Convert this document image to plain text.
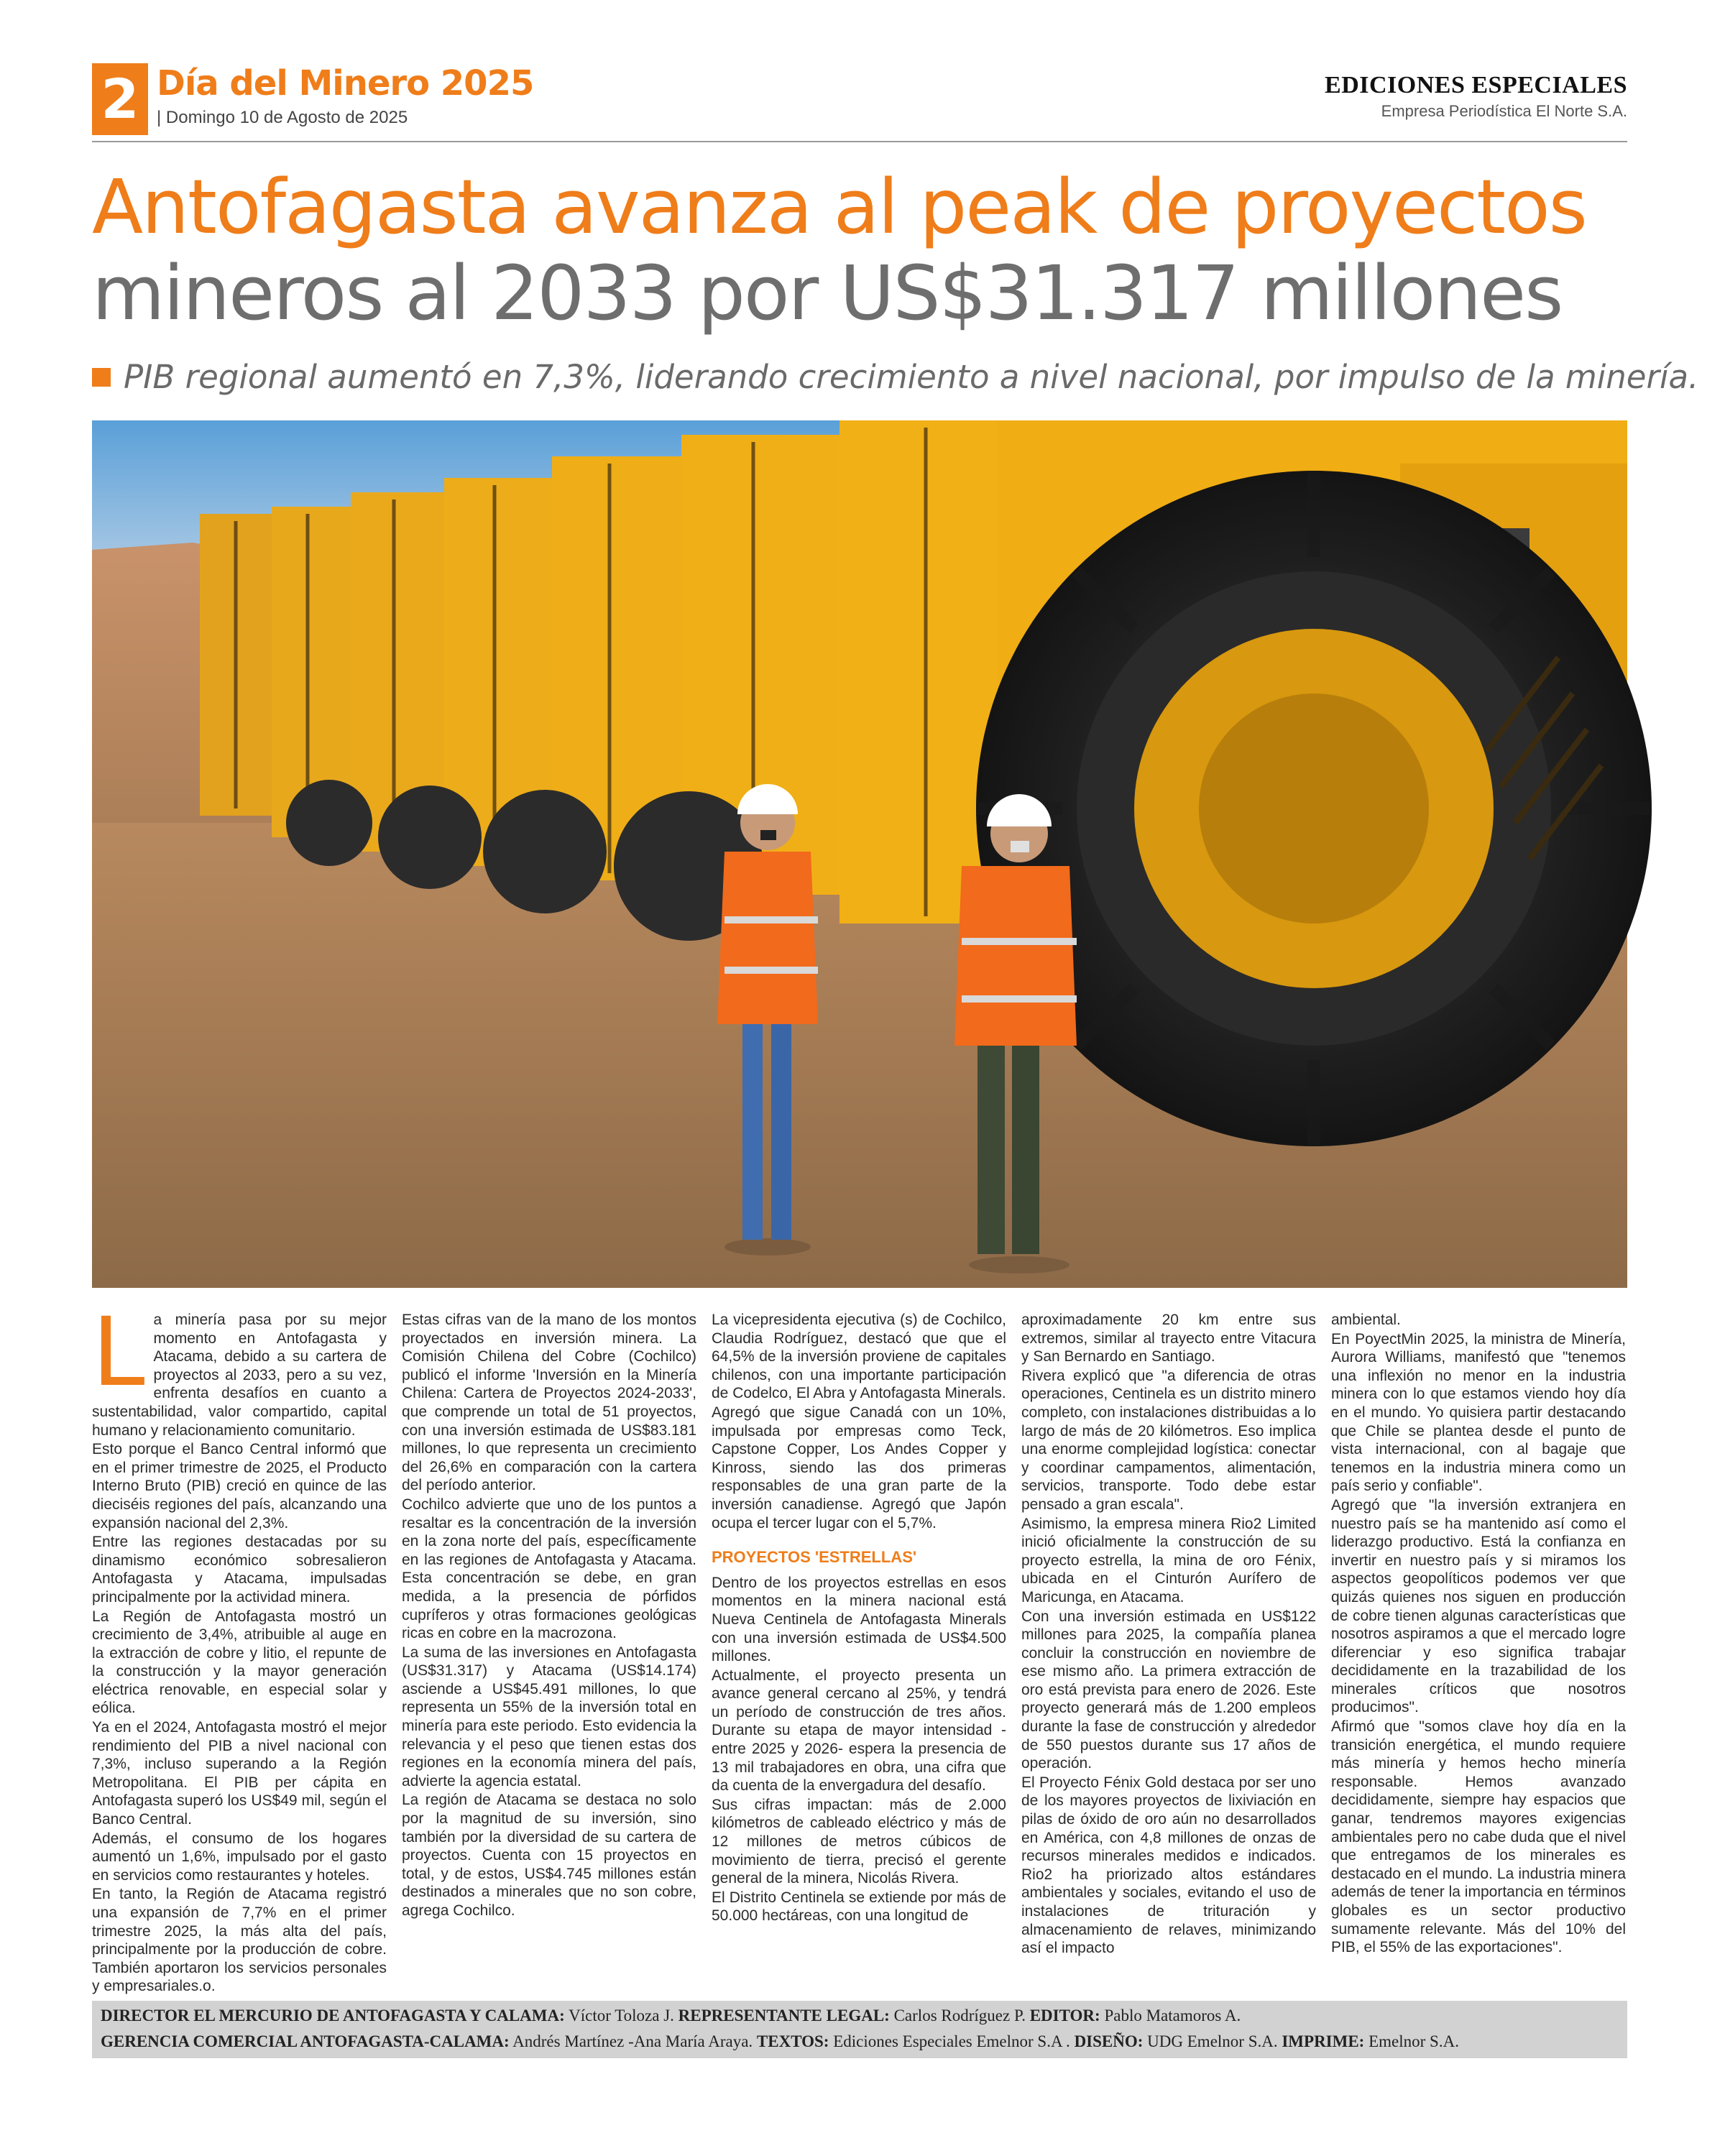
2 Día del Minero 2025
| Domingo 10 de Agosto de 2025
EDICIONES ESPECIALES
Empresa Periodística El Norte S.A.
Antofagasta avanza al peak de proyectos
mineros al 2033 por US$31.317 millones
PIB regional aumentó en 7,3%, liderando crecimiento a nivel nacional, por impulso de la minería.
L a minería pasa por su mejor momento en Antofagasta y Atacama, debido a su cartera de proyectos al 2033, pero a su vez, enfrenta desafíos en cuanto a sustentabilidad, valor compartido, capital humano y relacionamiento comunitario.

Esto porque el Banco Central informó que en el primer trimestre de 2025, el Producto Interno Bruto (PIB) creció en quince de las dieciséis regiones del país, alcanzando una expansión nacional del 2,3%.

Entre las regiones destacadas por su dinamismo económico sobresalieron Antofagasta y Atacama, impulsadas principalmente por la actividad minera.

La Región de Antofagasta mostró un crecimiento de 3,4%, atribuible al auge en la extracción de cobre y litio, el repunte de la construcción y la mayor generación eléctrica renovable, en especial solar y eólica.

Ya en el 2024, Antofagasta mostró el mejor rendimiento del PIB a nivel nacional con 7,3%, incluso superando a la Región Metropolitana. El PIB per cápita en Antofagasta superó los US$49 mil, según el Banco Central.

Además, el consumo de los hogares aumentó un 1,6%, impulsado por el gasto en servicios como restaurantes y hoteles.

En tanto, la Región de Atacama registró una expansión de 7,7% en el primer trimestre 2025, la más alta del país, principalmente por la producción de cobre. También aportaron los servicios personales y empresariales.o.

Estas cifras van de la mano de los montos proyectados en inversión minera. La Comisión Chilena del Cobre (Cochilco) publicó el informe 'Inversión en la Minería Chilena: Cartera de Proyectos 2024-2033', que comprende un total de 51 proyectos, con una inversión estimada de US$83.181 millones, lo que representa un crecimiento del 26,6% en comparación con la cartera del período anterior.

Cochilco advierte que uno de los puntos a resaltar es la concentración de la inversión en la zona norte del país, específicamente en las regiones de Antofagasta y Atacama. Esta concentración se debe, en gran medida, a la presencia de pórfidos cupríferos y otras formaciones geológicas ricas en cobre en la macrozona.

La suma de las inversiones en Antofagasta (US$31.317) y Atacama (US$14.174) asciende a US$45.491 millones, lo que representa un 55% de la inversión total en minería para este periodo. Esto evidencia la relevancia y el peso que tienen estas dos regiones en la economía minera del país, advierte la agencia estatal.

La región de Atacama se destaca no solo por la magnitud de su inversión, sino también por la diversidad de su cartera de proyectos. Cuenta con 15 proyectos en total, y de estos, US$4.745 millones están destinados a minerales que no son cobre, agrega Cochilco.

La vicepresidenta ejecutiva (s) de Cochilco, Claudia Rodríguez, destacó que que el 64,5% de la inversión proviene de capitales chilenos, con una importante participación de Codelco, El Abra y Antofagasta Minerals.

Agregó que sigue Canadá con un 10%, impulsada por empresas como Teck, Capstone Copper, Los Andes Copper y Kinross, siendo las dos primeras responsables de una gran parte de la inversión canadiense. Agregó que Japón ocupa el tercer lugar con el 5,7%.

PROYECTOS 'ESTRELLAS'

Dentro de los proyectos estrellas en esos momentos en la minera nacional está Nueva Centinela de Antofagasta Minerals con una inversión estimada de US$4.500 millones.

Actualmente, el proyecto presenta un avance general cercano al 25%, y tendrá un período de construcción de tres años. Durante su etapa de mayor intensidad -entre 2025 y 2026- espera la presencia de 13 mil trabajadores en obra, una cifra que da cuenta de la envergadura del desafío.

Sus cifras impactan: más de 2.000 kilómetros de cableado eléctrico y más de 12 millones de metros cúbicos de movimiento de tierra, precisó el gerente general de la minera, Nicolás Rivera.

El Distrito Centinela se extiende por más de 50.000 hectáreas, con una longitud de

aproximadamente 20 km entre sus extremos, similar al trayecto entre Vitacura y San Bernardo en Santiago.

Rivera explicó que "a diferencia de otras operaciones, Centinela es un distrito minero completo, con instalaciones distribuidas a lo largo de más de 20 kilómetros. Eso implica una enorme complejidad logística: conectar y coordinar campamentos, alimentación, servicios, transporte. Todo debe estar pensado a gran escala".

Asimismo, la empresa minera Rio2 Limited inició oficialmente la construcción de su proyecto estrella, la mina de oro Fénix, ubicada en el Cinturón Aurífero de Maricunga, en Atacama.

Con una inversión estimada en US$122 millones para 2025, la compañía planea concluir la construcción en noviembre de ese mismo año. La primera extracción de oro está prevista para enero de 2026. Este proyecto generará más de 1.200 empleos durante la fase de construcción y alrededor de 550 puestos durante sus 17 años de operación.

El Proyecto Fénix Gold destaca por ser uno de los mayores proyectos de lixiviación en pilas de óxido de oro aún no desarrollados en América, con 4,8 millones de onzas de recursos minerales medidos e indicados. Rio2 ha priorizado altos estándares ambientales y sociales, evitando el uso de instalaciones de trituración y almacenamiento de relaves, minimizando así el impacto

ambiental.

En PoyectMin 2025, la ministra de Minería, Aurora Williams, manifestó que "tenemos una inflexión no menor en la industria minera con lo que estamos viendo hoy día en el mundo. Yo quisiera partir destacando que Chile se plantea desde el punto de vista internacional, con al bagaje que tenemos en la industria minera como un país serio y confiable".

Agregó que "la inversión extranjera en nuestro país se ha mantenido así como el liderazgo productivo. Está la confianza en invertir en nuestro país y si miramos los aspectos geopolíticos podemos ver que quizás quienes nos siguen en producción de cobre tienen algunas características que nosotros aspiramos a que el mercado logre diferenciar y eso significa trabajar decididamente en la trazabilidad de los minerales críticos que nosotros producimos".

Afirmó que "somos clave hoy día en la transición energética, el mundo requiere más minería y hemos hecho minería responsable. Hemos avanzado decididamente, siempre hay espacios que ganar, tendremos mayores exigencias ambientales pero no cabe duda que el nivel que entregamos de los minerales es destacado en el mundo. La industria minera además de tener la importancia en términos globales es un sector productivo sumamente relevante. Más del 10% del PIB, el 55% de las exportaciones".

DIRECTOR EL MERCURIO DE ANTOFAGASTA Y CALAMA: Víctor Toloza J. REPRESENTANTE LEGAL: Carlos Rodríguez P. EDITOR: Pablo Matamoros A.
GERENCIA COMERCIAL ANTOFAGASTA-CALAMA: Andrés Martínez -Ana María Araya. TEXTOS: Ediciones Especiales Emelnor S.A . DISEÑO: UDG Emelnor S.A. IMPRIME: Emelnor S.A.
